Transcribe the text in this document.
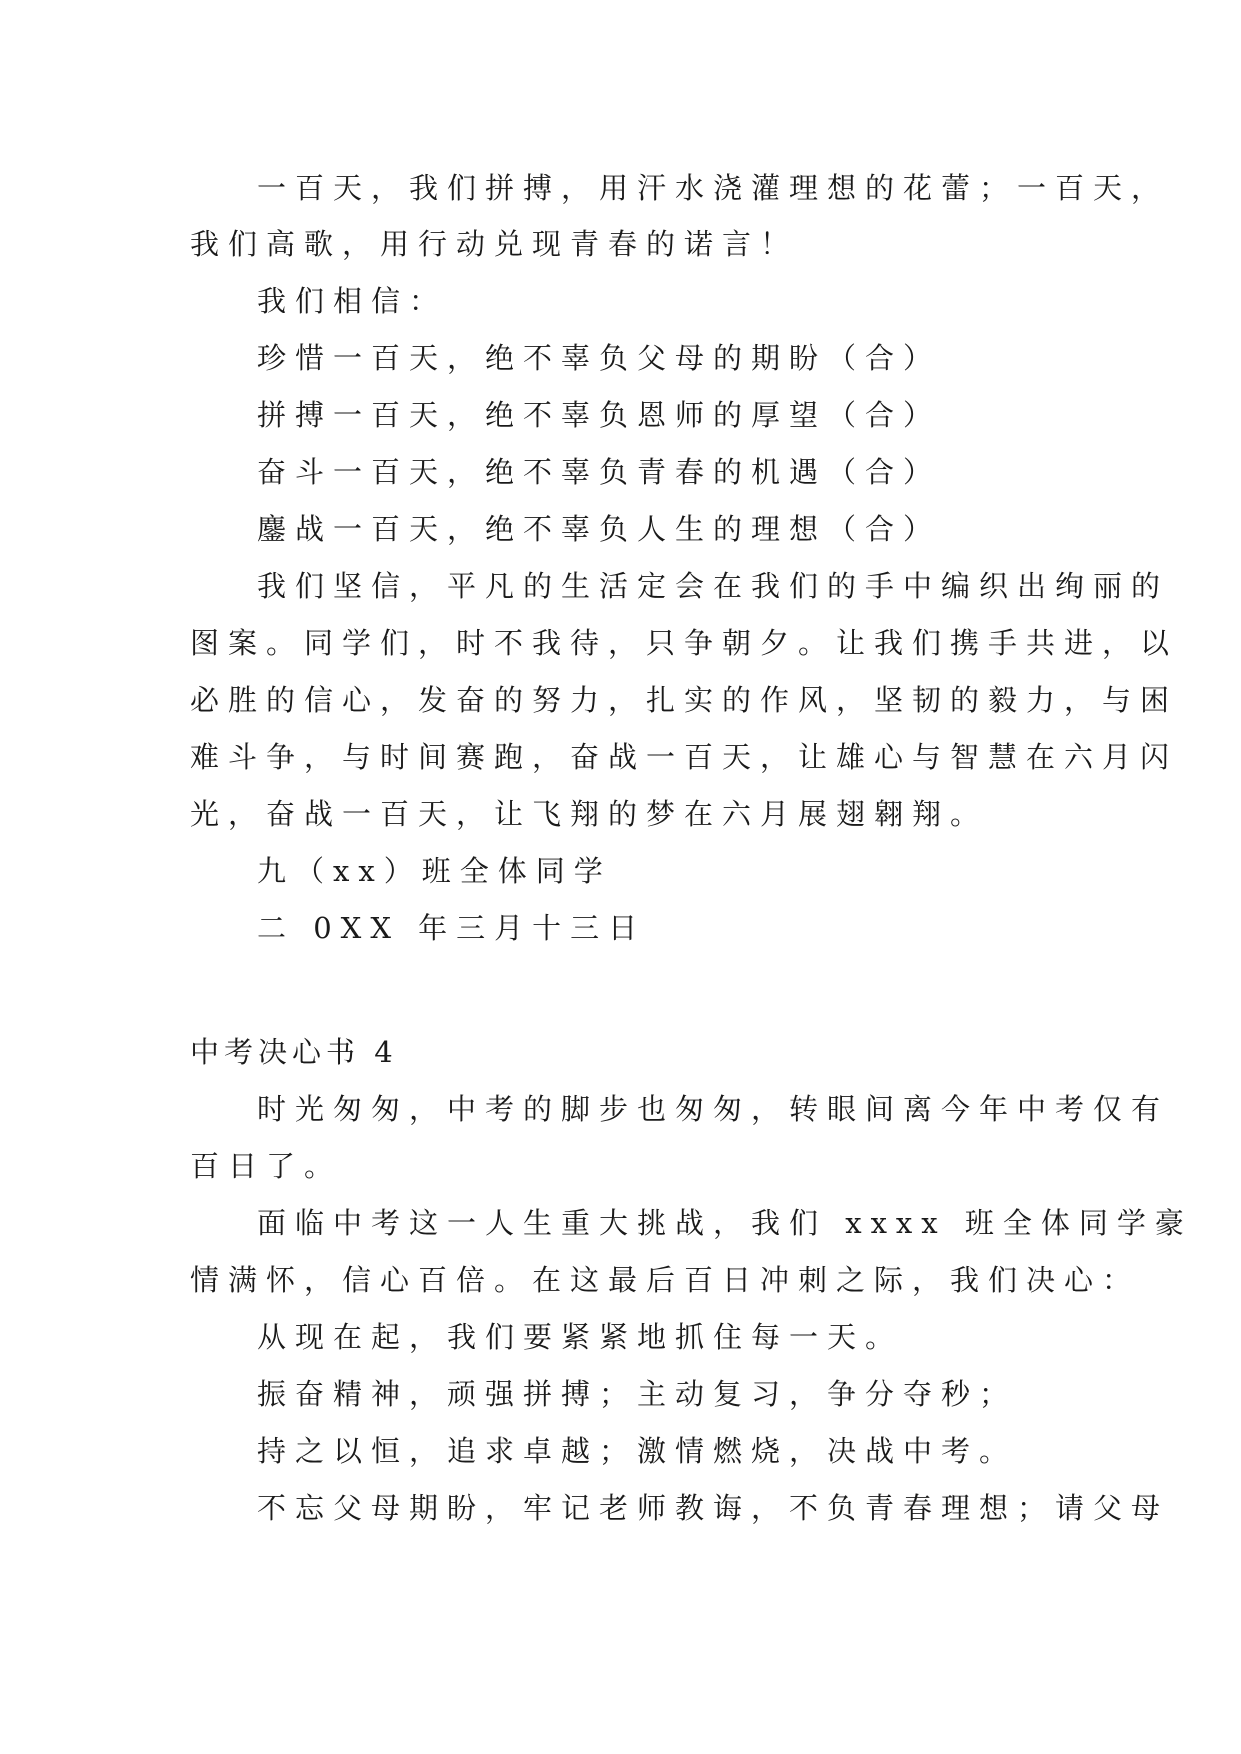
一百天，我们拼搏，用汗水浇灌理想的花蕾；一百天，
我们高歌，用行动兑现青春的诺言！
我们相信：
珍惜一百天，绝不辜负父母的期盼（合）
拼搏一百天，绝不辜负恩师的厚望（合）
奋斗一百天，绝不辜负青春的机遇（合）
鏖战一百天，绝不辜负人生的理想（合）
我们坚信，平凡的生活定会在我们的手中编织出绚丽的
图案。同学们，时不我待，只争朝夕。让我们携手共进，以
必胜的信心，发奋的努力，扎实的作风，坚韧的毅力，与困
难斗争，与时间赛跑，奋战一百天，让雄心与智慧在六月闪
光，奋战一百天，让飞翔的梦在六月展翅翱翔。
九（xx）班全体同学
二 0XX 年三月十三日
中考决心书 4
时光匆匆，中考的脚步也匆匆，转眼间离今年中考仅有
百日了。
面临中考这一人生重大挑战，我们 xxxx 班全体同学豪
情满怀，信心百倍。在这最后百日冲刺之际，我们决心：
从现在起，我们要紧紧地抓住每一天。
振奋精神，顽强拼搏；主动复习，争分夺秒；
持之以恒，追求卓越；激情燃烧，决战中考。
不忘父母期盼，牢记老师教诲，不负青春理想；请父母
